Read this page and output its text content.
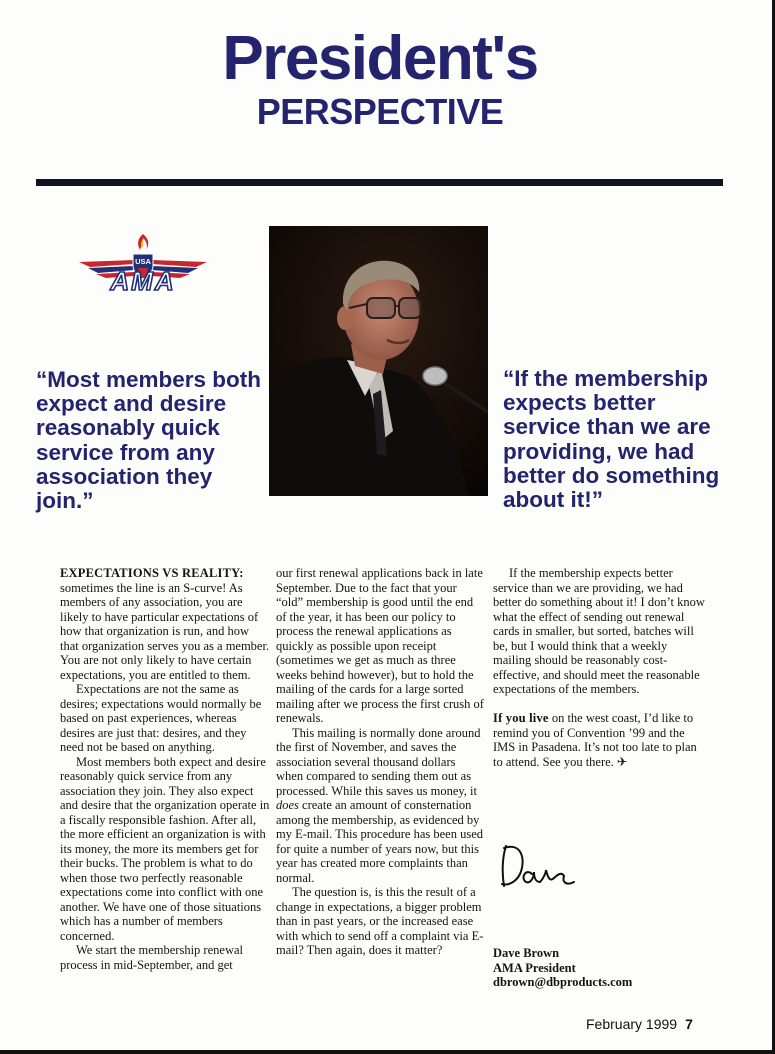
President's
PERSPECTIVE
USA
AMA

“Most members both expect and desire reasonably quick service from any association they join.”

“If the membership expects better service than we are providing, we had better do something about it!”

EXPECTATIONS VS REALITY:
sometimes the line is an S-curve! As members of any association, you are likely to have particular expectations of how that organization is run, and how that organization serves you as a member. You are not only likely to have certain expectations, you are entitled to them.

Expectations are not the same as desires; expectations would normally be based on past experiences, whereas desires are just that: desires, and they need not be based on anything.

Most members both expect and desire reasonably quick service from any association they join. They also expect and desire that the organization operate in a fiscally responsible fashion. After all, the more efficient an organization is with its money, the more its members get for their bucks. The problem is what to do when those two perfectly reasonable expectations come into conflict with one another. We have one of those situations which has a number of members concerned.

We start the membership renewal process in mid-September, and get

our first renewal applications back in late September. Due to the fact that your “old” membership is good until the end of the year, it has been our policy to process the renewal applications as quickly as possible upon receipt (sometimes we get as much as three weeks behind however), but to hold the mailing of the cards for a large sorted mailing after we process the first crush of renewals.

This mailing is normally done around the first of November, and saves the association several thousand dollars when compared to sending them out as processed. While this saves us money, it does create an amount of consternation among the membership, as evidenced by my E-mail. This procedure has been used for quite a number of years now, but this year has created more complaints than normal.

The question is, is this the result of a change in expectations, a bigger problem than in past years, or the increased ease with which to send off a complaint via E-mail? Then again, does it matter?

If the membership expects better service than we are providing, we had better do something about it! I don’t know what the effect of sending out renewal cards in smaller, but sorted, batches will be, but I would think that a weekly mailing should be reasonably cost-effective, and should meet the reasonable expectations of the members.

If you live on the west coast, I’d like to remind you of Convention ’99 and the IMS in Pasadena. It’s not too late to plan to attend. See you there. ✈

Dave
Dave Brown
AMA President
dbrown@dbproducts.com
February 1999 7
